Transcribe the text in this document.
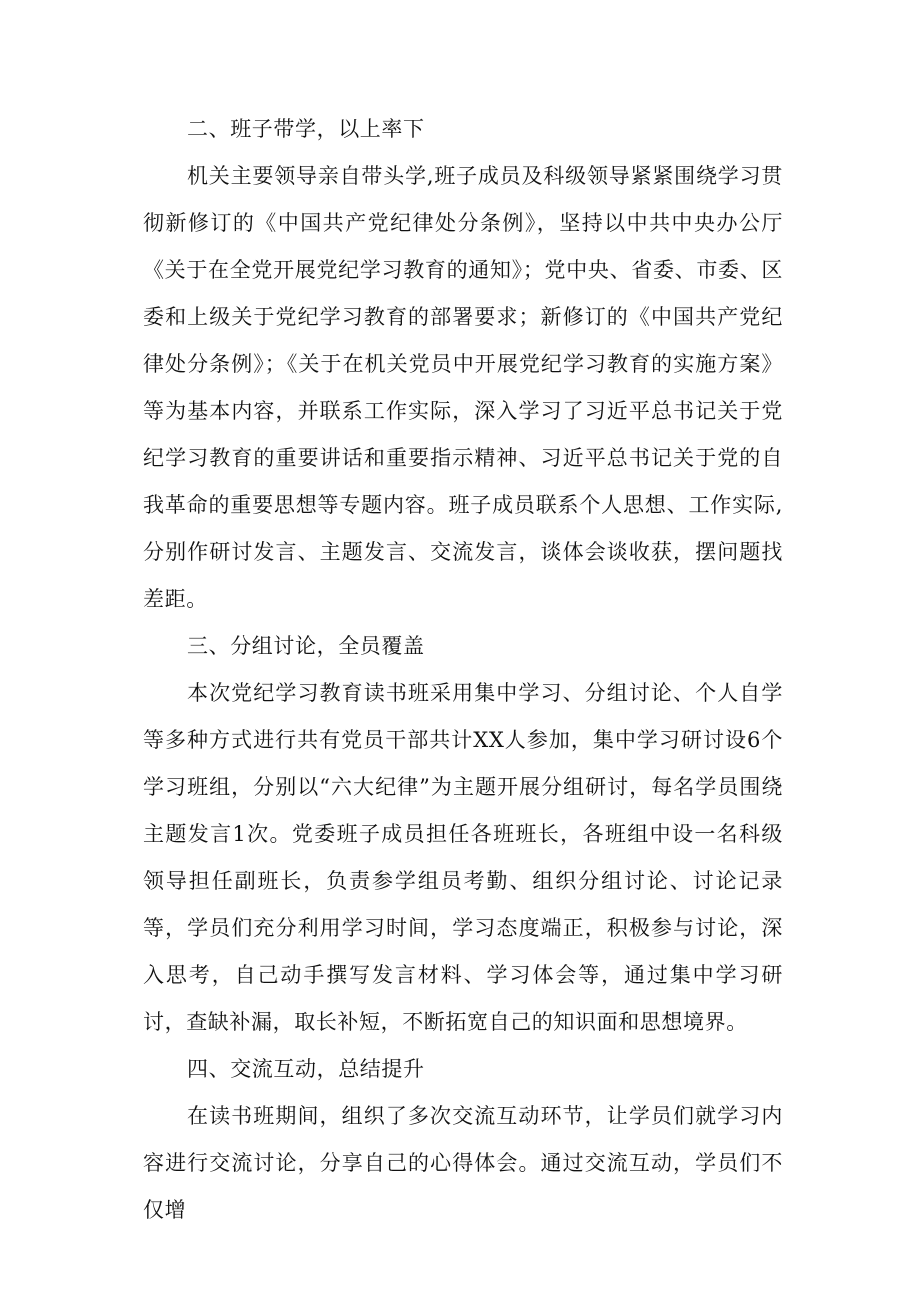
二、班子带学，以上率下

机关主要领导亲自带头学,班子成员及科级领导紧紧围绕学习贯彻新修订的《中国共产党纪律处分条例》，坚持以中共中央办公厅《关于在全党开展党纪学习教育的通知》；党中央、省委、市委、区委和上级关于党纪学习教育的部署要求；新修订的《中国共产党纪律处分条例》；《关于在机关党员中开展党纪学习教育的实施方案》等为基本内容，并联系工作实际，深入学习了习近平总书记关于党纪学习教育的重要讲话和重要指示精神、习近平总书记关于党的自我革命的重要思想等专题内容。班子成员联系个人思想、工作实际,分别作研讨发言、主题发言、交流发言，谈体会谈收获，摆问题找差距。

三、分组讨论，全员覆盖

本次党纪学习教育读书班采用集中学习、分组讨论、个人自学等多种方式进行共有党员干部共计XX人参加，集中学习研讨设6个学习班组，分别以“六大纪律”为主题开展分组研讨，每名学员围绕主题发言1次。党委班子成员担任各班班长，各班组中设一名科级领导担任副班长，负责参学组员考勤、组织分组讨论、讨论记录等，学员们充分利用学习时间，学习态度端正，积极参与讨论，深入思考，自己动手撰写发言材料、学习体会等，通过集中学习研讨，查缺补漏，取长补短，不断拓宽自己的知识面和思想境界。

四、交流互动，总结提升

在读书班期间，组织了多次交流互动环节，让学员们就学习内容进行交流讨论，分享自己的心得体会。通过交流互动，学员们不仅增
